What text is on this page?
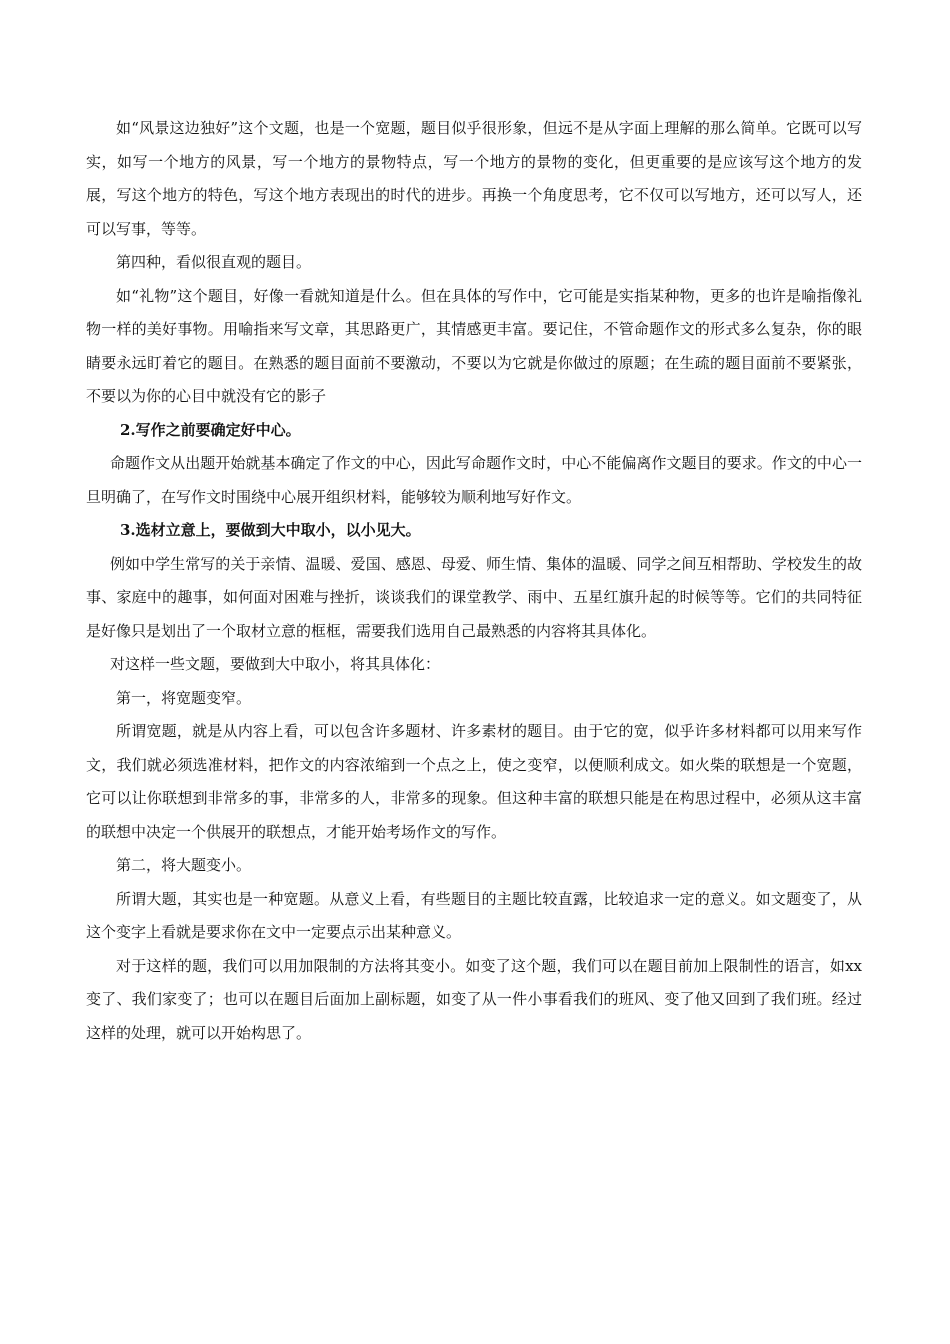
如“风景这边独好”这个文题，也是一个宽题，题目似乎很形象，但远不是从字面上理解的那么简单。它既可以写实，如写一个地方的风景，写一个地方的景物特点，写一个地方的景物的变化，但更重要的是应该写这个地方的发展，写这个地方的特色，写这个地方表现出的时代的进步。再换一个角度思考，它不仅可以写地方，还可以写人，还可以写事，等等。

第四种，看似很直观的题目。

如“礼物”这个题目，好像一看就知道是什么。但在具体的写作中，它可能是实指某种物，更多的也许是喻指像礼物一样的美好事物。用喻指来写文章，其思路更广，其情感更丰富。要记住，不管命题作文的形式多么复杂，你的眼睛要永远盯着它的题目。在熟悉的题目面前不要激动，不要以为它就是你做过的原题；在生疏的题目面前不要紧张，不要以为你的心目中就没有它的影子

2.写作之前要确定好中心。

命题作文从出题开始就基本确定了作文的中心，因此写命题作文时，中心不能偏离作文题目的要求。作文的中心一旦明确了，在写作文时围绕中心展开组织材料，能够较为顺利地写好作文。

3.选材立意上，要做到大中取小，以小见大。

例如中学生常写的关于亲情、温暖、爱国、感恩、母爱、师生情、集体的温暖、同学之间互相帮助、学校发生的故事、家庭中的趣事，如何面对困难与挫折，谈谈我们的课堂教学、雨中、五星红旗升起的时候等等。它们的共同特征是好像只是划出了一个取材立意的框框，需要我们选用自己最熟悉的内容将其具体化。

对这样一些文题，要做到大中取小，将其具体化：

第一，将宽题变窄。

所谓宽题，就是从内容上看，可以包含许多题材、许多素材的题目。由于它的宽，似乎许多材料都可以用来写作文，我们就必须选准材料，把作文的内容浓缩到一个点之上，使之变窄，以便顺利成文。如火柴的联想是一个宽题，它可以让你联想到非常多的事，非常多的人，非常多的现象。但这种丰富的联想只能是在构思过程中，必须从这丰富的联想中决定一个供展开的联想点，才能开始考场作文的写作。

第二，将大题变小。

所谓大题，其实也是一种宽题。从意义上看，有些题目的主题比较直露，比较追求一定的意义。如文题变了，从这个变字上看就是要求你在文中一定要点示出某种意义。

对于这样的题，我们可以用加限制的方法将其变小。如变了这个题，我们可以在题目前加上限制性的语言，如xx变了、我们家变了；也可以在题目后面加上副标题，如变了从一件小事看我们的班风、变了他又回到了我们班。经过这样的处理，就可以开始构思了。
